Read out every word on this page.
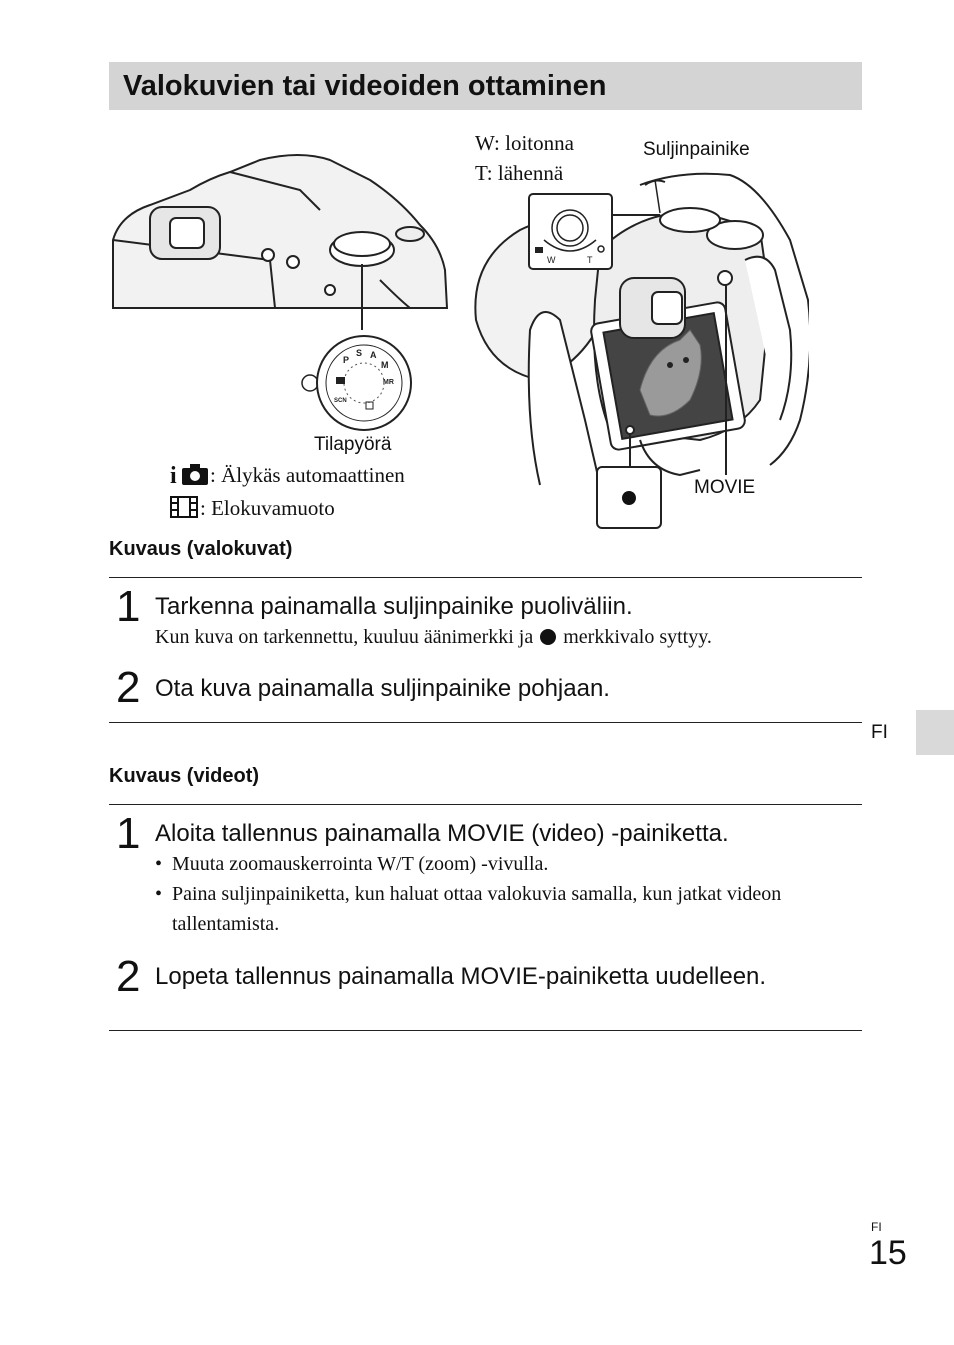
Valokuvien tai videoiden ottaminen
P
S A
M
MR
SCN
W	T
W: loitonna
T: lähennä
Suljinpainike
Tilapyörä
MOVIE
i : Älykäs automaattinen
: Elokuvamuoto
Kuvaus (valokuvat)
1 Tarkenna painamalla suljinpainike puoliväliin.
Kun kuva on tarkennettu, kuuluu äänimerkki ja merkkivalo syttyy.
2 Ota kuva painamalla suljinpainike pohjaan.
FI
Kuvaus (videot)
1 Aloita tallennus painamalla MOVIE (video) -painiketta.
• Muuta zoomauskerrointa W/T (zoom) -vivulla.
• Paina suljinpainiketta, kun haluat ottaa valokuvia samalla, kun jatkat videon tallentamista.
2 Lopeta tallennus painamalla MOVIE-painiketta uudelleen.
FI
15
